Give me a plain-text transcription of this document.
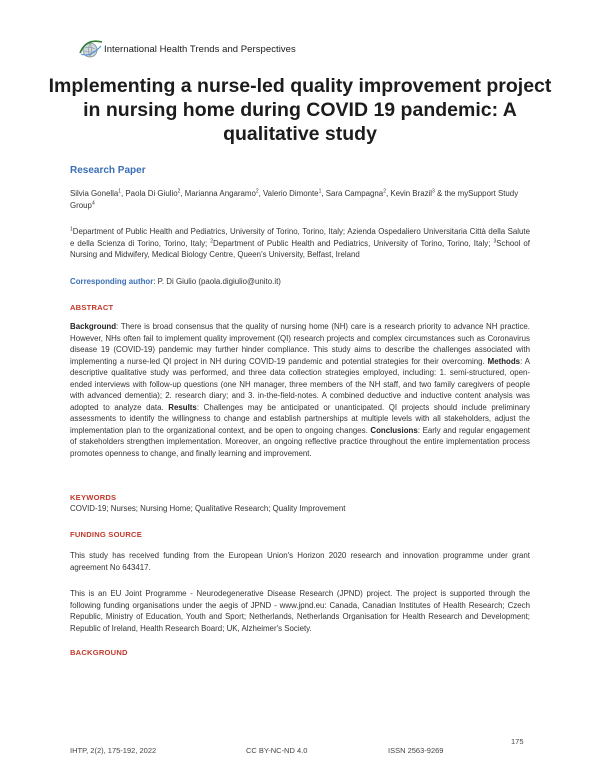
International Health Trends and Perspectives
Implementing a nurse-led quality improvement project in nursing home during COVID 19 pandemic: A qualitative study
Research Paper
Silvia Gonella$^1$, Paola Di Giulio$^2$, Marianna Angaramo$^2$, Valerio Dimonte$^1$, Sara Campagna$^2$, Kevin Brazil$^3$ & the mySupport Study Group$^4$
$^1$Department of Public Health and Pediatrics, University of Torino, Torino, Italy; Azienda Ospedaliero Universitaria Città della Salute e della Scienza di Torino, Torino, Italy; $^2$Department of Public Health and Pediatrics, University of Torino, Torino, Italy; $^3$School of Nursing and Midwifery, Medical Biology Centre, Queen's University, Belfast, Ireland
Corresponding author: P. Di Giulio (paola.digiulio@unito.it)
ABSTRACT
Background: There is broad consensus that the quality of nursing home (NH) care is a research priority to advance NH practice. However, NHs often fail to implement quality improvement (QI) research projects and complex circumstances such as Coronavirus disease 19 (COVID-19) pandemic may further hinder compliance. This study aims to describe the challenges associated with implementing a nurse-led QI project in NH during COVID-19 pandemic and potential strategies for their overcoming. Methods: A descriptive qualitative study was performed, and three data collection strategies employed, including: 1. semi-structured, open-ended interviews with follow-up questions (one NH manager, three members of the NH staff, and two family caregivers of people with advanced dementia); 2. research diary; and 3. in-the-field-notes. A combined deductive and inductive content analysis was adopted to analyze data. Results: Challenges may be anticipated or unanticipated. QI projects should include preliminary assessments to identify the willingness to change and establish partnerships at multiple levels with all stakeholders, adjust the implementation plan to the organizational context, and be open to ongoing changes. Conclusions: Early and regular engagement of stakeholders strengthen implementation. Moreover, an ongoing reflective practice throughout the entire implementation process promotes openness to change, and finally learning and improvement.
KEYWORDS
COVID-19; Nurses; Nursing Home; Qualitative Research; Quality Improvement
FUNDING SOURCE
This study has received funding from the European Union's Horizon 2020 research and innovation programme under grant agreement No 643417.
This is an EU Joint Programme - Neurodegenerative Disease Research (JPND) project. The project is supported through the following funding organisations under the aegis of JPND - www.jpnd.eu: Canada, Canadian Institutes of Health Research; Czech Republic, Ministry of Education, Youth and Sport; Netherlands, Netherlands Organisation for Health Research and Development; Republic of Ireland, Health Research Board; UK, Alzheimer's Society.
BACKGROUND
175
IHTP, 2(2), 175-192, 2022	CC BY-NC-ND 4.0	ISSN 2563-9269
